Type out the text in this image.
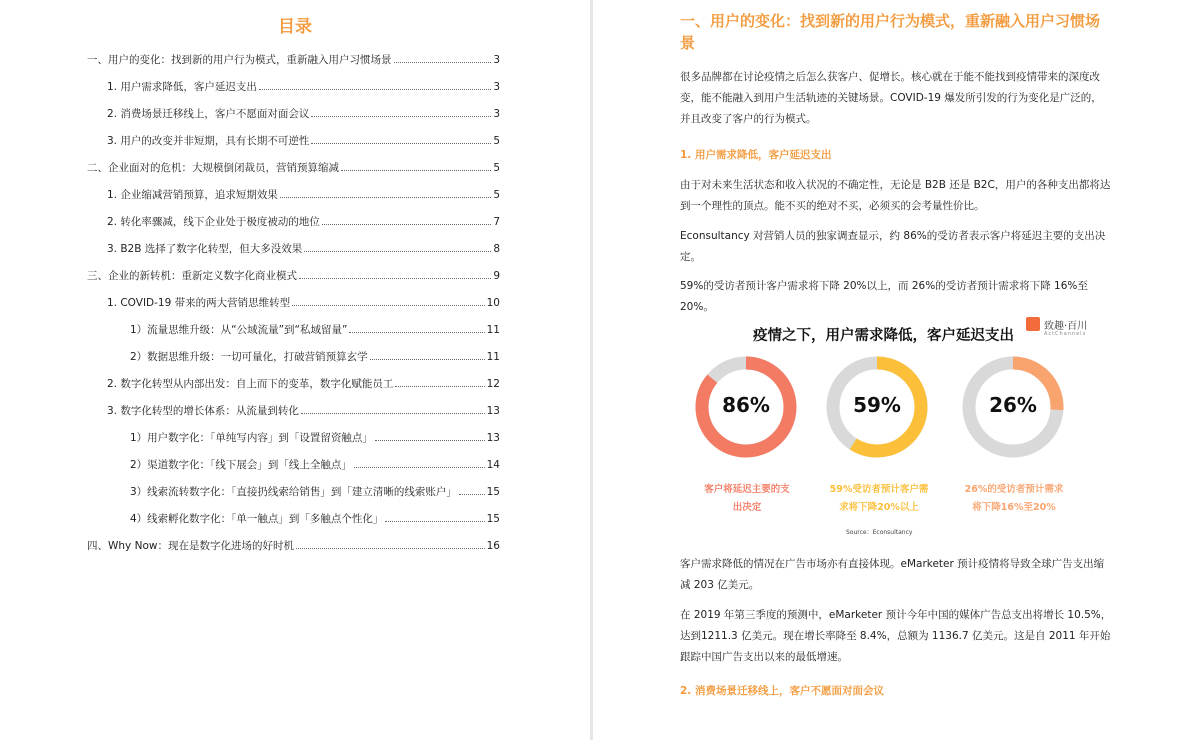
目录
一、用户的变化：找到新的用户行为模式，重新融入用户习惯场景	3
1. 用户需求降低，客户延迟支出	3
2. 消费场景迁移线上，客户不愿面对面会议	3
3. 用户的改变并非短期，具有长期不可逆性	5
二、企业面对的危机：大规模倒闭裁员，营销预算缩减	5
1. 企业缩减营销预算，追求短期效果	5
2. 转化率骤减，线下企业处于极度被动的地位	7
3. B2B 选择了数字化转型，但大多没效果	8
三、企业的新转机：重新定义数字化商业模式	9
1. COVID-19 带来的两大营销思维转型	10
1）流量思维升级：从“公域流量”到“私域留量”	11
2）数据思维升级：一切可量化，打破营销预算玄学	11
2. 数字化转型从内部出发：自上而下的变革，数字化赋能员工	12
3. 数字化转型的增长体系：从流量到转化	13
1）用户数字化：「单纯写内容」到「设置留资触点」	13
2）渠道数字化：「线下展会」到「线上全触点」	14
3）线索流转数字化：「直接扔线索给销售」到「建立清晰的线索账户」	15
4）线索孵化数字化：「单一触点」到「多触点个性化」	15
四、Why Now：现在是数字化进场的好时机	16
一、用户的变化：找到新的用户行为模式，重新融入用户习惯场景
很多品牌都在讨论疫情之后怎么获客户、促增长。核心就在于能不能找到疫情带来的深度改变，能不能融入到用户生活轨迹的关键场景。COVID-19 爆发所引发的行为变化是广泛的，并且改变了客户的行为模式。
1. 用户需求降低，客户延迟支出
由于对未来生活状态和收入状况的不确定性，无论是 B2B 还是 B2C，用户的各种支出都将达到一个理性的顶点。能不买的绝对不买，必须买的会考量性价比。
Econsultancy 对营销人员的独家调查显示，约 86%的受访者表示客户将延迟主要的支出决定。
59%的受访者预计客户需求将下降 20%以上，而 26%的受访者预计需求将下降 16%至 20%。
疫情之下，用户需求降低，客户延迟支出
致趣·百川
ActChannels
86%
客户将延迟主要的支
出决定
59%
59%受访者预计客户需
求将下降20%以上
26%
26%的受访者预计需求
将下降16%至20%
Source：Econsultancy
客户需求降低的情况在广告市场亦有直接体现。eMarketer 预计疫情将导致全球广告支出缩减 203 亿美元。
在 2019 年第三季度的预测中，eMarketer 预计今年中国的媒体广告总支出将增长 10.5%，达到1211.3 亿美元。现在增长率降至 8.4%，总额为 1136.7 亿美元。这是自 2011 年开始跟踪中国广告支出以来的最低增速。
2. 消费场景迁移线上，客户不愿面对面会议
